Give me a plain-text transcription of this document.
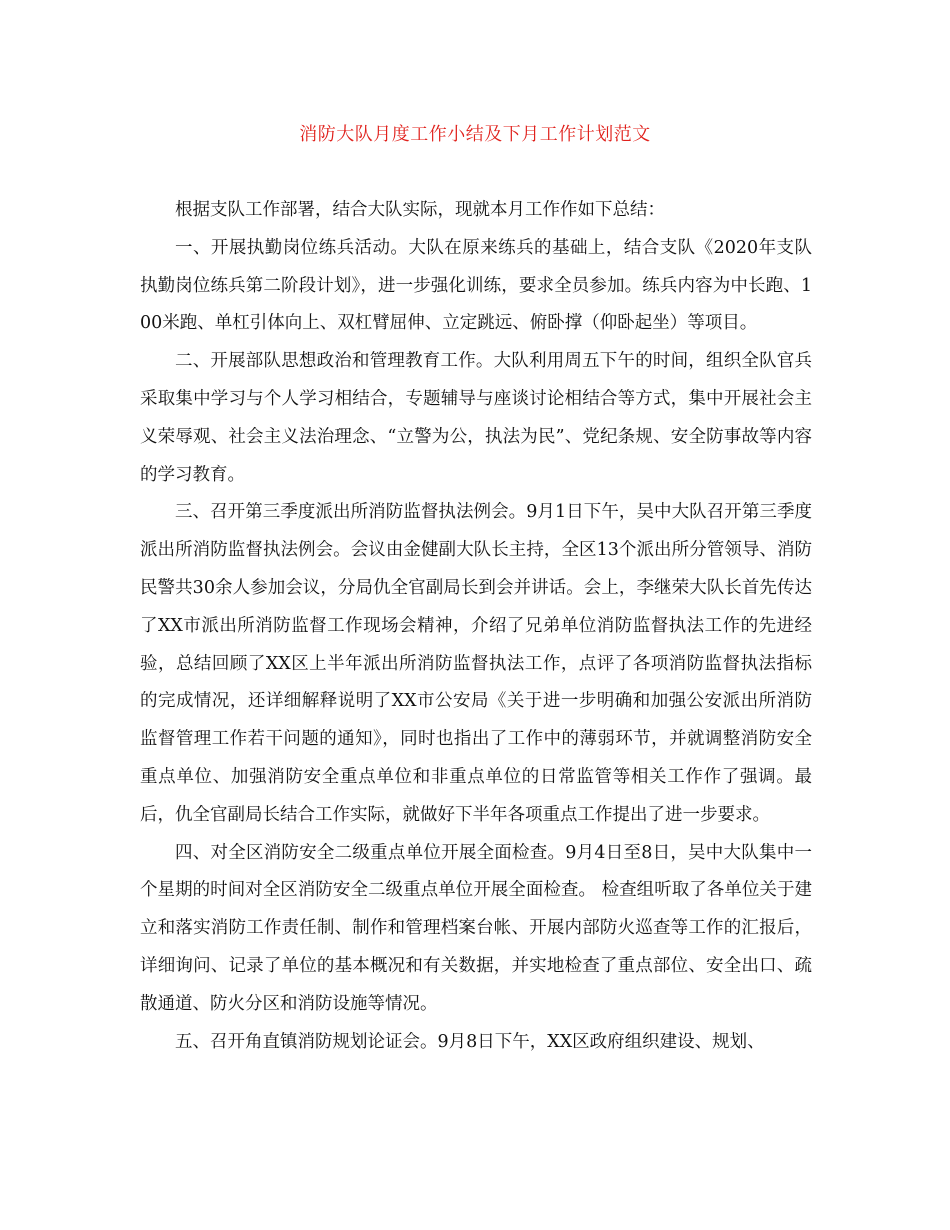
消防大队月度工作小结及下月工作计划范文

根据支队工作部署，结合大队实际，现就本月工作作如下总结：

一、开展执勤岗位练兵活动。大队在原来练兵的基础上，结合支队《2020年支队执勤岗位练兵第二阶段计划》，进一步强化训练，要求全员参加。练兵内容为中长跑、100米跑、单杠引体向上、双杠臂屈伸、立定跳远、俯卧撑（仰卧起坐）等项目。

二、开展部队思想政治和管理教育工作。大队利用周五下午的时间，组织全队官兵采取集中学习与个人学习相结合，专题辅导与座谈讨论相结合等方式，集中开展社会主义荣辱观、社会主义法治理念、“立警为公，执法为民”、党纪条规、安全防事故等内容的学习教育。

三、召开第三季度派出所消防监督执法例会。9月1日下午，吴中大队召开第三季度派出所消防监督执法例会。会议由金健副大队长主持，全区13个派出所分管领导、消防民警共30余人参加会议，分局仇全官副局长到会并讲话。会上，李继荣大队长首先传达了XX市派出所消防监督工作现场会精神，介绍了兄弟单位消防监督执法工作的先进经验，总结回顾了XX区上半年派出所消防监督执法工作，点评了各项消防监督执法指标的完成情况，还详细解释说明了XX市公安局《关于进一步明确和加强公安派出所消防监督管理工作若干问题的通知》，同时也指出了工作中的薄弱环节，并就调整消防安全重点单位、加强消防安全重点单位和非重点单位的日常监管等相关工作作了强调。最后，仇全官副局长结合工作实际，就做好下半年各项重点工作提出了进一步要求。

四、对全区消防安全二级重点单位开展全面检查。9月4日至8日，吴中大队集中一个星期的时间对全区消防安全二级重点单位开展全面检查。 检查组听取了各单位关于建立和落实消防工作责任制、制作和管理档案台帐、开展内部防火巡查等工作的汇报后，详细询问、记录了单位的基本概况和有关数据，并实地检查了重点部位、安全出口、疏散通道、防火分区和消防设施等情况。

五、召开角直镇消防规划论证会。9月8日下午，XX区政府组织建设、规划、
